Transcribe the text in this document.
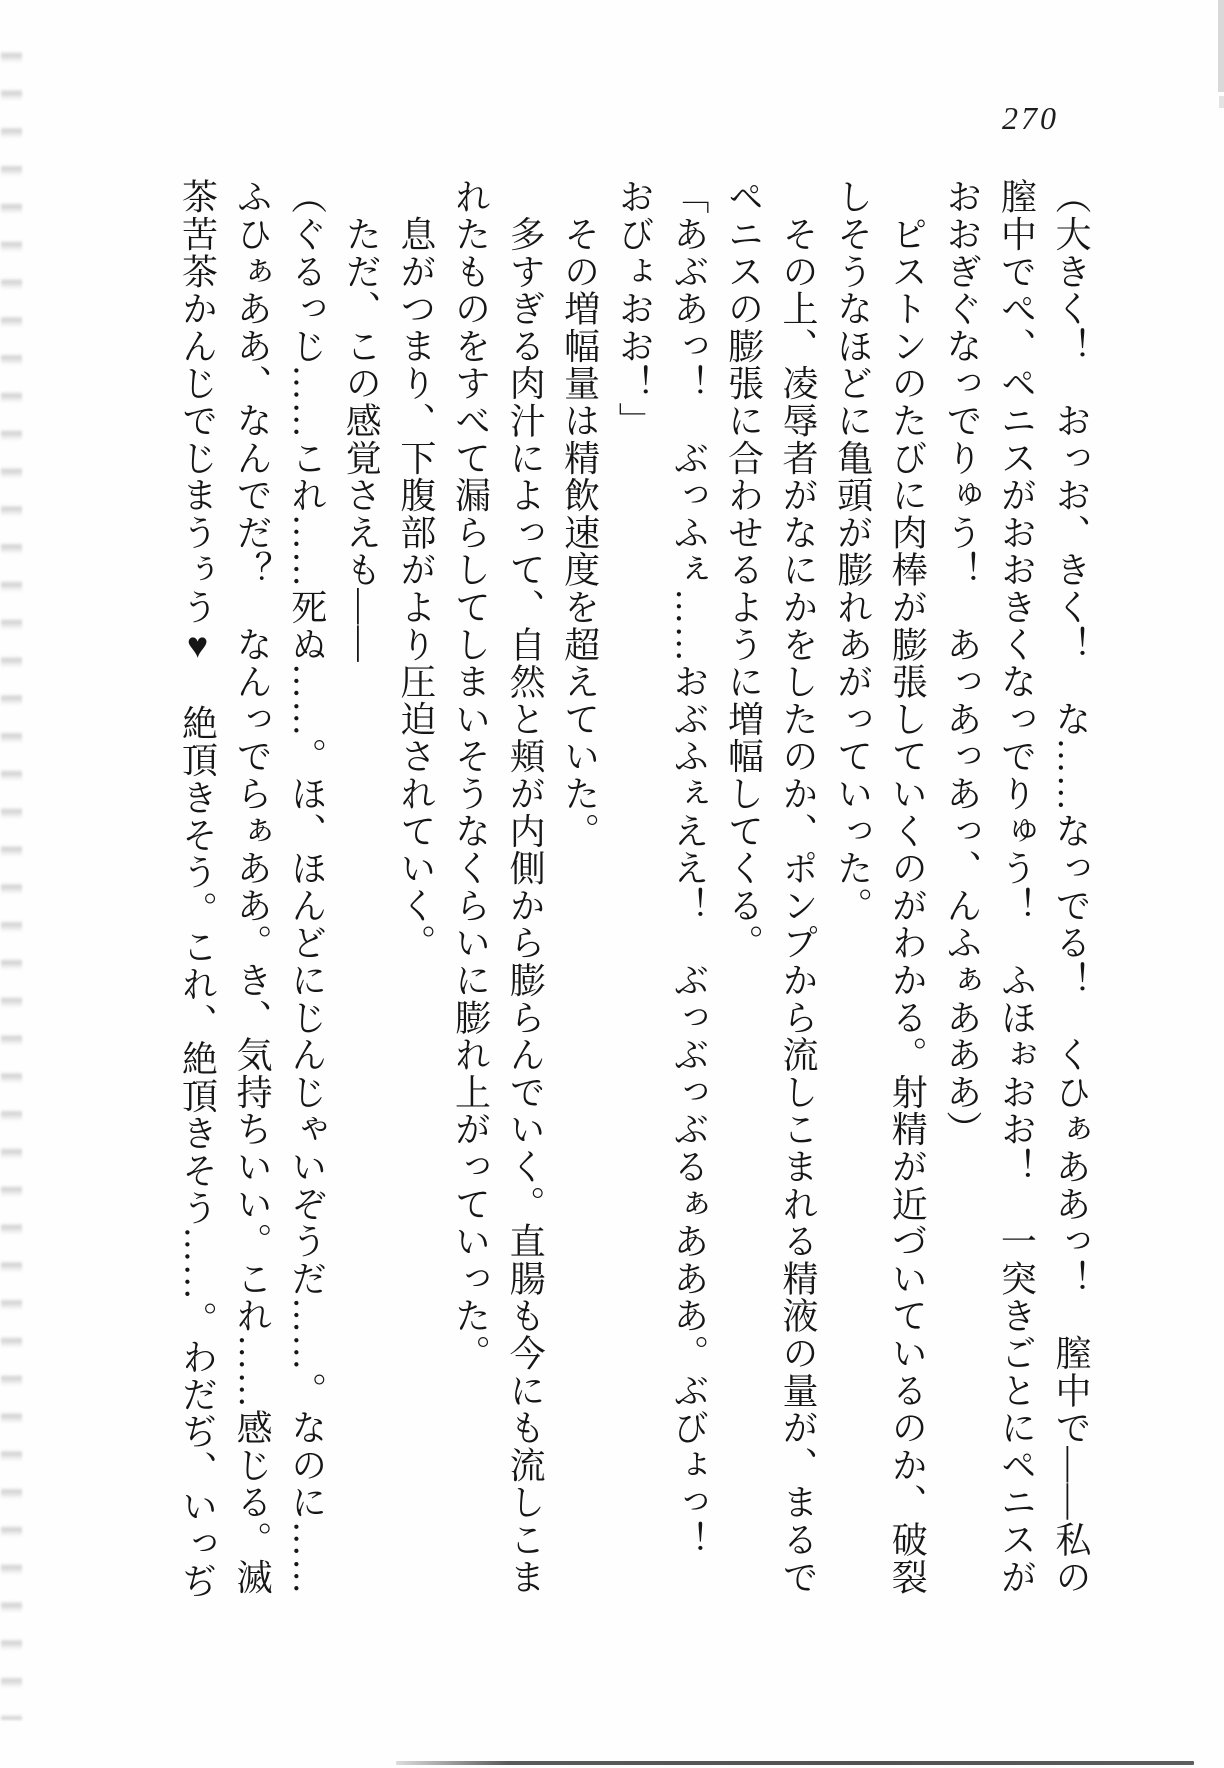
270
（大きく！　おっお、きく！　な……なっでる！　くひぁああっ！　膣中で——私の
膣中でぺ、ペニスがおおきくなっでりゅう！　ふほぉおお！　一突きごとにペニスが
おおぎぐなっでりゅう！　あっあっあっ、んふぁあああ）
　ピストンのたびに肉棒が膨張していくのがわかる。射精が近づいているのか、破裂
しそうなほどに亀頭が膨れあがっていった。
　その上、凌辱者がなにかをしたのか、ポンプから流しこまれる精液の量が、まるで
ペニスの膨張に合わせるように増幅してくる。
「あぶあっ！　ぶっふぇ……おぶふぇええ！　ぶっぶっぶるぁあああ。ぶびょっ！
おびょおお！」
　その増幅量は精飲速度を超えていた。
　多すぎる肉汁によって、自然と頬が内側から膨らんでいく。直腸も今にも流しこま
れたものをすべて漏らしてしまいそうなくらいに膨れ上がっていった。
　息がつまり、下腹部がより圧迫されていく。
　ただ、この感覚さえも——
（ぐるっじ……これ……死ぬ……。ほ、ほんどにじんじゃいぞうだ……。なのに……
ふひぁああ、なんでだ？　なんっでらぁああ。き、気持ちいい。これ……感じる。滅
茶苦茶かんじでじまうぅう♥　絶頂きそう。これ、絶頂きそう……。わだぢ、いっぢ
